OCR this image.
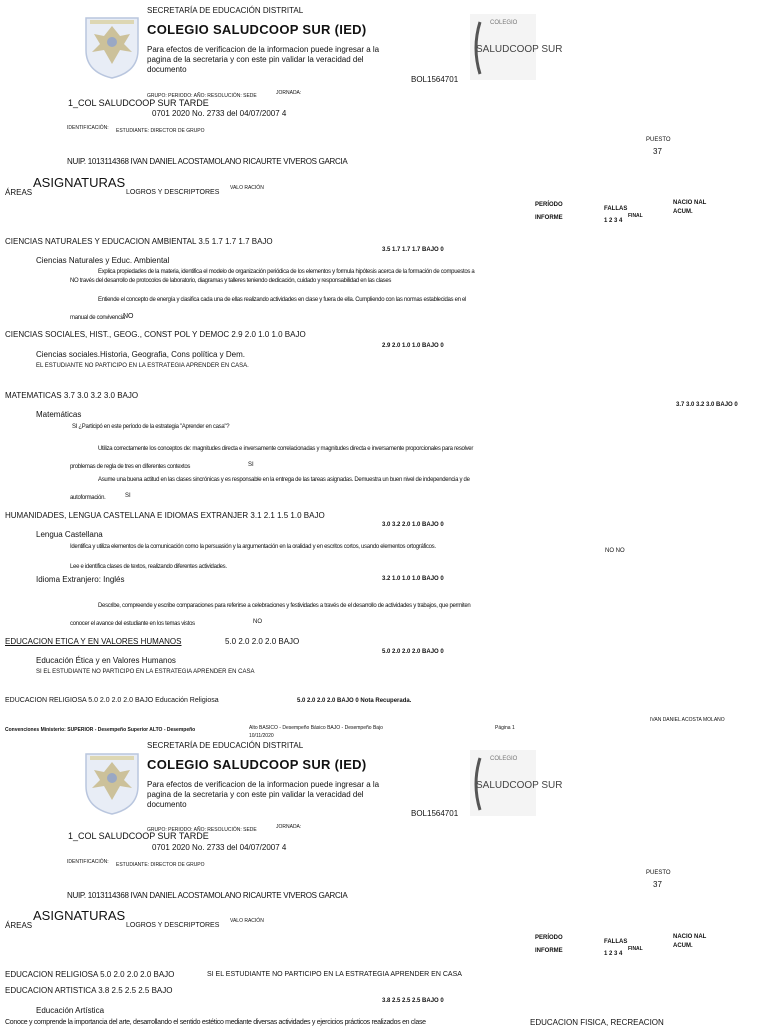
SECRETARÍA DE EDUCACIÓN DISTRITAL
COLEGIO SALUDCOOP SUR (IED)
Para efectos de verificacion de la informacion puede ingresar a la pagina de la secretaria y con este pin validar la veracidad del documento
BOL1564701
COLEGIO
SALUDCOOP SUR
GRUPO: PERIODO: AÑO: RESOLUCIÓN: SEDE	JORNADA:
1_COL SALUDCOOP SUR TARDE
0701 2020 No. 2733 del 04/07/2007 4
IDENTIFICACIÓN: ESTUDIANTE: DIRECTOR DE GRUPO
PUESTO
37
NUIP. 1013114368 IVAN DANIEL ACOSTAMOLANO RICAURTE VIVEROS GARCIA
ÁREAS
ASIGNATURAS
LOGROS Y DESCRIPTORES
VALO RACIÓN
PERÍODO
INFORME
FALLAS
1 2 3 4
FINAL
NACIO NAL
ACUM.
CIENCIAS NATURALES Y EDUCACION AMBIENTAL 3.5 1.7 1.7 1.7 BAJO
3.5 1.7 1.7 1.7 BAJO 0
Ciencias Naturales y Educ. Ambiental
Explica propiedades de la materia, identifica el modelo de organización periódica de los elementos y formula hipótesis acerca de la formación de compuestos a
NO través del desarrollo de protocolos de laboratorio, diagramas y talleres teniendo dedicación, cuidado y responsabilidad en las clases
Entiende el concepto de energía y clasifica cada una de ellas realizando actividades en clase y fuera de ella. Cumpliendo con las normas establecidas en el
manual de convivencia
NO
CIENCIAS SOCIALES, HIST., GEOG., CONST POL Y DEMOC 2.9 2.0 1.0 1.0 BAJO
2.9 2.0 1.0 1.0 BAJO 0
Ciencias sociales.Historia, Geografia, Cons política y Dem.
EL ESTUDIANTE NO PARTICIPO EN LA ESTRATEGIA APRENDER EN CASA.
MATEMATICAS 3.7 3.0 3.2 3.0 BAJO
3.7 3.0 3.2 3.0 BAJO 0
Matemáticas
SI ¿Participó en este período de la estrategia "Aprender en casa"?
Utiliza correctamente los conceptos de: magnitudes directa e inversamente correlacionadas y magnitudes directa e inversamente proporcionales para resolver
problemas de regla de tres en diferentes contextos	SI
Asume una buena actitud en las clases sincrónicas y es responsable en la entrega de las tareas asignadas. Demuestra un buen nivel de independencia y de
autoformación.	SI
HUMANIDADES, LENGUA CASTELLANA E IDIOMAS EXTRANJER 3.1 2.1 1.5 1.0 BAJO
3.0 3.2 2.0 1.0 BAJO 0
Lengua Castellana
Identifica y utiliza elementos de la comunicación como la persuasión y la argumentación en la oralidad y en escritos cortos, usando elementos ortográficos.
NO NO
Lee e identifica clases de textos, realizando diferentes actividades.
Idioma Extranjero: Inglés	3.2 1.0 1.0 1.0 BAJO 0
Describe, compreende y escribe comparaciones para referirse a celebraciones y festividades a través de el desarrollo de actividades y trabajos, que permiten
conocer el avance del estudiante en los temas vistos	NO
EDUCACION ETICA Y EN VALORES HUMANOS	5.0 2.0 2.0 2.0 BAJO
5.0 2.0 2.0 2.0 BAJO 0
Educación Ética y en Valores Humanos
SI EL ESTUDIANTE NO PARTICIPO EN LA ESTRATEGIA APRENDER EN CASA
EDUCACION RELIGIOSA 5.0 2.0 2.0 2.0 BAJO Educación Religiosa	5.0 2.0 2.0 2.0 BAJO 0 Nota Recuperada.
Convenciones Ministerio: SUPERIOR - Desempeño Superior ALTO - Desempeño	Alto BASICO - Desempeño Básico BAJO - Desempeño Bajo
10/11/2020
Página 1
IVAN DANIEL ACOSTA MOLANO
SECRETARÍA DE EDUCACIÓN DISTRITAL
COLEGIO SALUDCOOP SUR (IED)
Para efectos de verificacion de la informacion puede ingresar a la pagina de la secretaria y con este pin validar la veracidad del documento
BOL1564701
COLEGIO
SALUDCOOP SUR
GRUPO: PERIODO: AÑO: RESOLUCIÓN: SEDE	JORNADA:
1_COL SALUDCOOP SUR TARDE
0701 2020 No. 2733 del 04/07/2007 4
IDENTIFICACIÓN: ESTUDIANTE: DIRECTOR DE GRUPO
PUESTO
37
NUIP. 1013114368 IVAN DANIEL ACOSTAMOLANO RICAURTE VIVEROS GARCIA
ÁREAS
ASIGNATURAS
LOGROS Y DESCRIPTORES
VALO RACIÓN
PERÍODO
INFORME
FALLAS
1 2 3 4
FINAL
NACIO NAL
ACUM.
EDUCACION RELIGIOSA 5.0 2.0 2.0 2.0 BAJO	SI EL ESTUDIANTE NO PARTICIPO EN LA ESTRATEGIA APRENDER EN CASA
EDUCACION ARTISTICA 3.8 2.5 2.5 2.5 BAJO
3.8 2.5 2.5 2.5 BAJO 0
Educación Artística
Conoce y comprende la importancia del arte, desarrollando el sentido estético mediante diversas actividades y ejercicios prácticos realizados en clase	EDUCACION FISICA, RECREACION
